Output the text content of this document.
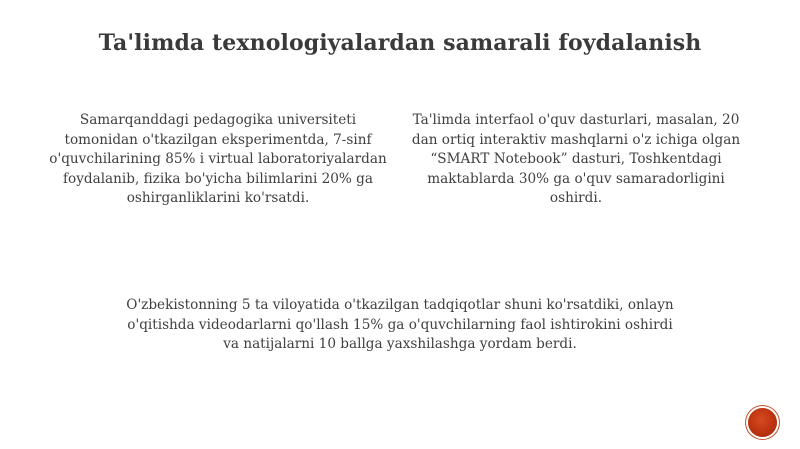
Ta'limda texnologiyalardan samarali foydalanish
Samarqanddagi pedagogika universiteti tomonidan o'tkazilgan eksperimentda, 7-sinf o'quvchilarining 85% i virtual laboratoriyalardan foydalanib, fizika bo'yicha bilimlarini 20% ga oshirganliklarini ko'rsatdi.
Ta'limda interfaol o'quv dasturlari, masalan, 20 dan ortiq interaktiv mashqlarni o'z ichiga olgan “SMART Notebook” dasturi, Toshkentdagi maktablarda 30% ga o'quv samaradorligini oshirdi.
O'zbekistonning 5 ta viloyatida o'tkazilgan tadqiqotlar shuni ko'rsatdiki, onlayn o'qitishda videodarlarni qo'llash 15% ga o'quvchilarning faol ishtirokini oshirdi va natijalarni 10 ballga yaxshilashga yordam berdi.
